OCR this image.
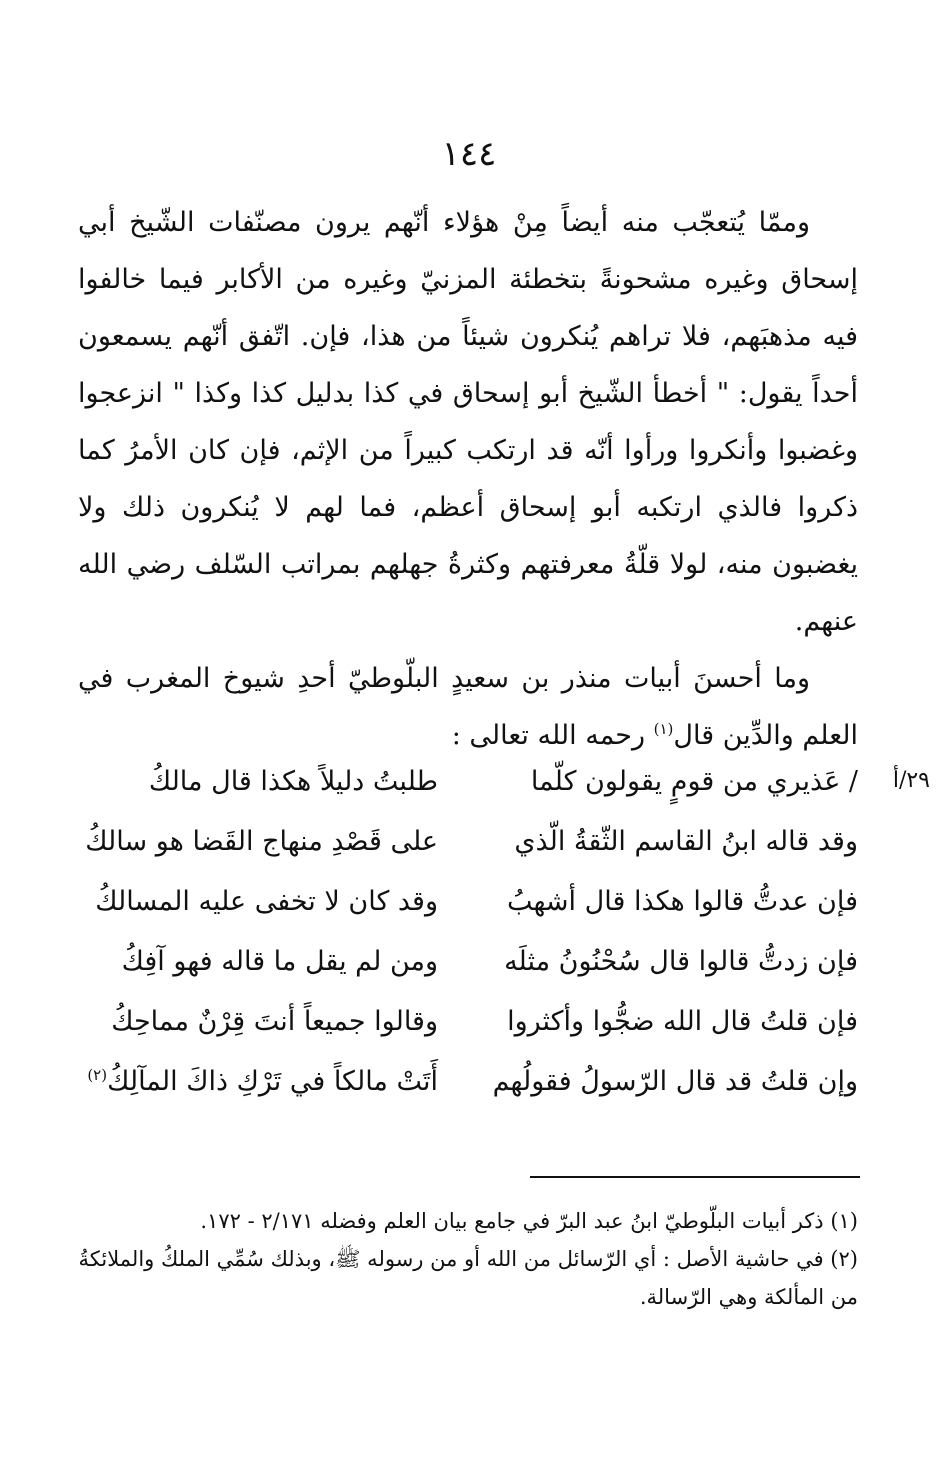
١٤٤

وممّا يُتعجّب منه أيضاً مِنْ هؤلاء أنّهم يرون مصنّفات الشّيخ أبي إسحاق وغيره مشحونةً بتخطئة المزنيّ وغيره من الأكابر فيما خالفوا فيه مذهبَهم، فلا تراهم يُنكرون شيئاً من هذا، فإن. اتّفق أنّهم يسمعون أحداً يقول: " أخطأ الشّيخ أبو إسحاق في كذا بدليل كذا وكذا " انزعجوا وغضبوا وأنكروا ورأوا أنّه قد ارتكب كبيراً من الإثم، فإن كان الأمرُ كما ذكروا فالذي ارتكبه أبو إسحاق أعظم، فما لهم لا يُنكرون ذلك ولا يغضبون منه، لولا قلّةُ معرفتهم وكثرةُ جهلهم بمراتب السّلف رضي الله عنهم.

وما أحسنَ أبيات منذر بن سعيدٍ البلّوطيّ أحدِ شيوخ المغرب في العلم والدِّين قال$^{(١)}$ رحمه الله تعالى :

٢٩/أ
/ عَذيري من قومٍ يقولون كلّما
طلبتُ دليلاً هكذا قال مالكُ
وقد قاله ابنُ القاسم الثّقةُ الّذي
على قَصْدِ منهاج القَضا هو سالكُ
فإن عدتُّ قالوا هكذا قال أشهبُ
وقد كان لا تخفى عليه المسالكُ
فإن زدتُّ قالوا قال سُحْنُونُ مثلَه
ومن لم يقل ما قاله فهو آفِكُ
فإن قلتُ قال الله ضجُّوا وأكثروا
وقالوا جميعاً أنتَ قِرْنٌ مماحِكُ
وإن قلتُ قد قال الرّسولُ فقولُهم
أَتَتْ مالكاً في تَرْكِ ذاكَ المآلِكُ$^{(٢)}$

(١) ذكر أبيات البلّوطيّ ابنُ عبد البرّ في جامع بيان العلم وفضله ٢/١٧١ - ١٧٢.

(٢) في حاشية الأصل : أي الرّسائل من الله أو من رسوله ﷺ، وبذلك سُمِّي الملكُ والملائكةُ

من المألكة وهي الرّسالة.
